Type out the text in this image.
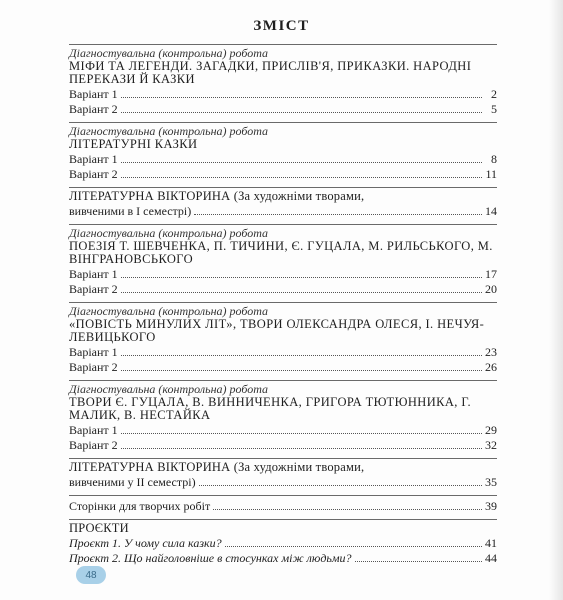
ЗМІСТ
Діагностувальна (контрольна) робота
МІФИ ТА ЛЕГЕНДИ. ЗАГАДКИ, ПРИСЛІВ'Я, ПРИКАЗКИ. НАРОДНІ ПЕРЕКАЗИ Й КАЗКИ
Варіант 1	2
Варіант 2	5
Діагностувальна (контрольна) робота
ЛІТЕРАТУРНІ КАЗКИ
Варіант 1	8
Варіант 2	11
ЛІТЕРАТУРНА ВІКТОРИНА (За художніми творами,
вивченими в I семестрі)	14
Діагностувальна (контрольна) робота
ПОЕЗІЯ Т. ШЕВЧЕНКА, П. ТИЧИНИ, Є. ГУЦАЛА, М. РИЛЬСЬКОГО, М. ВІНГРАНОВСЬКОГО
Варіант 1	17
Варіант 2	20
Діагностувальна (контрольна) робота
«ПОВІСТЬ МИНУЛИХ ЛІТ», ТВОРИ ОЛЕКСАНДРА ОЛЕСЯ, І. НЕЧУЯ-ЛЕВИЦЬКОГО
Варіант 1	23
Варіант 2	26
Діагностувальна (контрольна) робота
ТВОРИ Є. ГУЦАЛА, В. ВИННИЧЕНКА, ГРИГОРА ТЮТЮННИКА, Г. МАЛИК, В. НЕСТАЙКА
Варіант 1	29
Варіант 2	32
ЛІТЕРАТУРНА ВІКТОРИНА (За художніми творами,
вивченими у II семестрі)	35
Сторінки для творчих робіт	39
ПРОЄКТИ
Проєкт 1. У чому сила казки?	41
Проєкт 2. Що найголовніше в стосунках між людьми?	44
48
